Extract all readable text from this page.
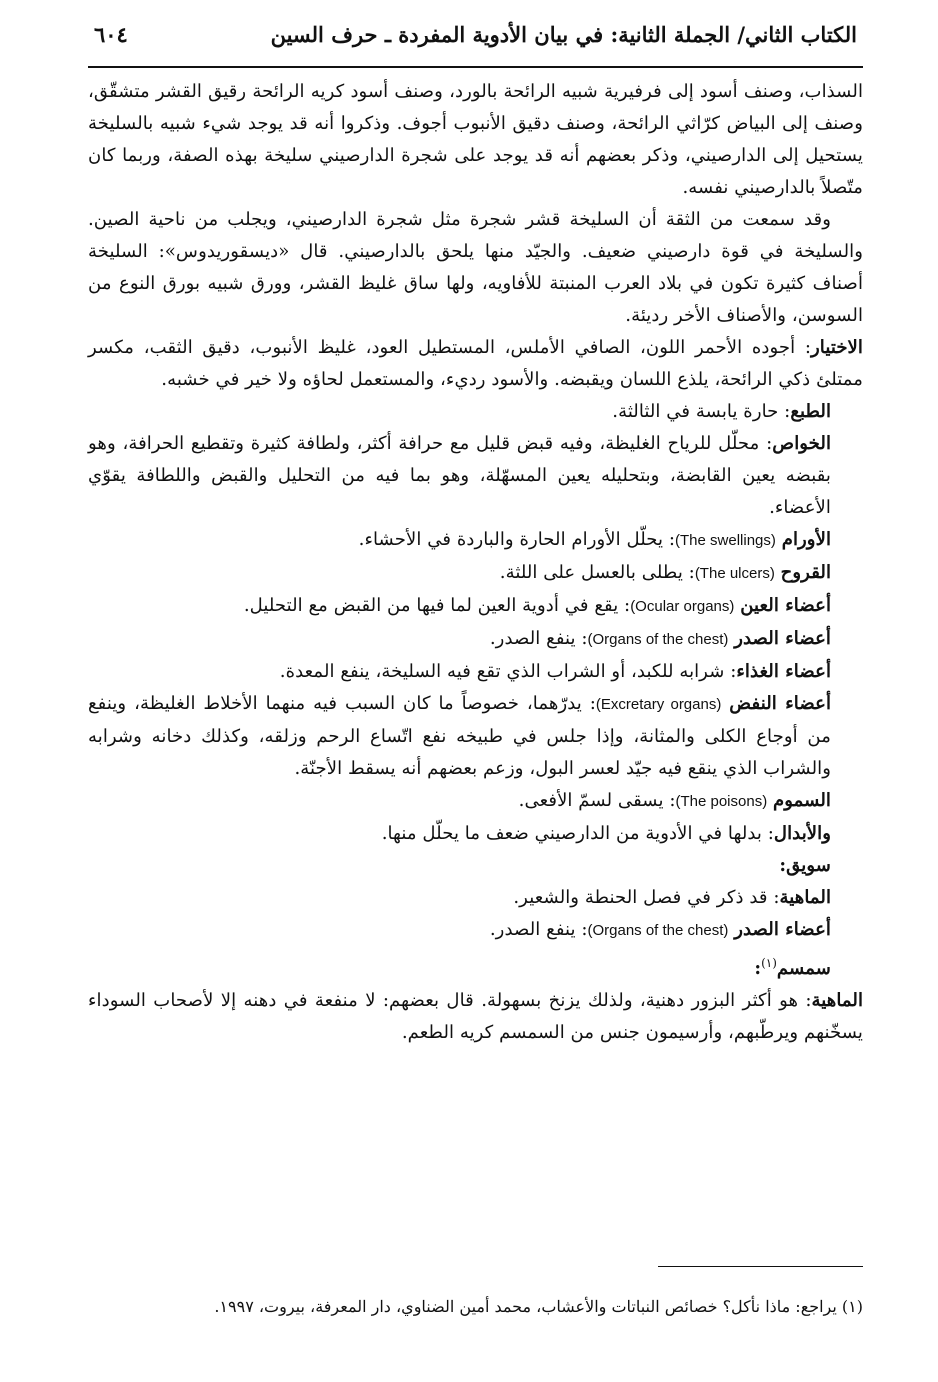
الكتاب الثاني/ الجملة الثانية: في بيان الأدوية المفردة ـ حرف السين
٦٠٤

السذاب، وصنف أسود إلى فرفيرية شبيه الرائحة بالورد، وصنف أسود كريه الرائحة رقيق القشر متشقّق، وصنف إلى البياض كرّاثي الرائحة، وصنف دقيق الأنبوب أجوف. وذكروا أنه قد يوجد شيء شبيه بالسليخة يستحيل إلى الدارصيني، وذكر بعضهم أنه قد يوجد على شجرة الدارصيني سليخة بهذه الصفة، وربما كان متّصلاً بالدارصيني نفسه.

وقد سمعت من الثقة أن السليخة قشر شجرة مثل شجرة الدارصيني، ويجلب من ناحية الصين. والسليخة في قوة دارصيني ضعيف. والجيّد منها يلحق بالدارصيني. قال «ديسقوريدوس»: السليخة أصناف كثيرة تكون في بلاد العرب المنبتة للأفاويه، ولها ساق غليظ القشر، وورق شبيه بورق النوع من السوسن، والأصناف الأخر رديئة.

الاختيار: أجوده الأحمر اللون، الصافي الأملس، المستطيل العود، غليظ الأنبوب، دقيق الثقب، مكسر ممتلئ ذكي الرائحة، يلذع اللسان ويقبضه. والأسود رديء، والمستعمل لحاؤه ولا خير في خشبه.

الطبع: حارة يابسة في الثالثة.

الخواص: محلّل للرياح الغليظة، وفيه قبض قليل مع حرافة أكثر، ولطافة كثيرة وتقطيع الحرافة، وهو بقبضه يعين القابضة، وبتحليله يعين المسهّلة، وهو بما فيه من التحليل والقبض واللطافة يقوّي الأعضاء.

الأورام (The swellings): يحلّل الأورام الحارة والباردة في الأحشاء.

القروح (The ulcers): يطلى بالعسل على اللثة.

أعضاء العين (Ocular organs): يقع في أدوية العين لما فيها من القبض مع التحليل.

أعضاء الصدر (Organs of the chest): ينفع الصدر.

أعضاء الغذاء: شرابه للكبد، أو الشراب الذي تقع فيه السليخة، ينفع المعدة.

أعضاء النفض (Excretary organs): يدرّهما، خصوصاً ما كان السبب فيه منهما الأخلاط الغليظة، وينفع من أوجاع الكلى والمثانة، وإذا جلس في طبيخه نفع اتّساع الرحم وزلقه، وكذلك دخانه وشرابه والشراب الذي ينقع فيه جيّد لعسر البول، وزعم بعضهم أنه يسقط الأجنّة.

السموم (The poisons): يسقى لسمّ الأفعى.

والأبدال: بدلها في الأدوية من الدارصيني ضعف ما يحلّل منها.

سويق:

الماهية: قد ذكر في فصل الحنطة والشعير.

أعضاء الصدر (Organs of the chest): ينفع الصدر.

سمسم$^{(١)}$:

الماهية: هو أكثر البزور دهنية، ولذلك يزنخ بسهولة. قال بعضهم: لا منفعة في دهنه إلا لأصحاب السوداء يسخّنهم ويرطّبهم، وأرسيمون جنس من السمسم كريه الطعم.

(١) يراجع: ماذا نأكل؟ خصائص النباتات والأعشاب، محمد أمين الضناوي، دار المعرفة، بيروت، ١٩٩٧.
